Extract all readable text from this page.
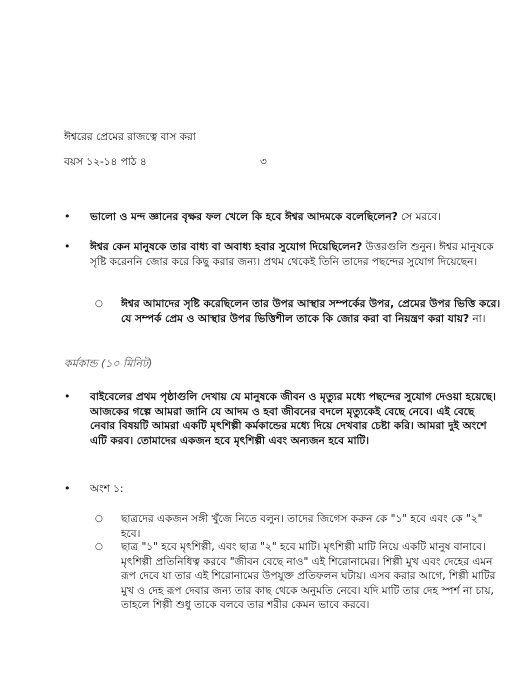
ঈশ্বরের প্রেমের রাজত্বে বাস করা
বয়স ১২-১৪ পাঠ ৪	৩
• ভালো ও মন্দ জ্ঞানের বৃক্ষর ফল খেলে কি হবে ঈশ্বর আদমকে বলেছিলেন? সে মরবে।
• ঈশ্বর কেন মানুষকে তার বাধ্য বা অবাধ্য হবার সুযোগ দিয়েছিলেন? উত্তরগুলি শুনুন। ঈশ্বর মানুষকে সৃষ্টি করেননি জোর করে কিছু করার জন্য। প্রথম থেকেই তিনি তাদের পছন্দের সুযোগ দিয়েছেন।
○ ঈশ্বর আমাদের সৃষ্টি করেছিলেন তার উপর আস্থার সম্পর্কের উপর, প্রেমের উপর ভিত্তি করে। যে সম্পর্ক প্রেম ও আস্থার উপর ভিত্তিশীল তাকে কি জোর করা বা নিয়ন্ত্রণ করা যায়? না।
কর্মকান্ড (১০ মিনিট)
• বাইবেলের প্রথম পৃষ্ঠাগুলি দেখায় যে মানুষকে জীবন ও মৃত্যুর মধ্যে পছন্দের সুযোগ দেওয়া হয়েছে। আজকের গল্পে আমরা জানি যে আদম ও হবা জীবনের বদলে মৃত্যুকেই বেছে নেবে। এই বেছে নেবার বিষয়টি আমরা একটি মৃৎশিল্পী কর্মকান্ডের মধ্যে দিয়ে দেখবার চেষ্টা করি। আমরা দুই অংশে এটি করব। তোমাদের একজন হবে মৃৎশিল্পী এবং অন্যজন হবে মাটি।
• অংশ ১:
○ ছাত্রদের একজন সঙ্গী খুঁজে নিতে বলুন। তাদের জিগেস করুন কে "১" হবে এবং কে "২" হবে।
○ ছাত্র "১" হবে মৃৎশিল্পী, এবং ছাত্র "২" হবে মাটি। মৃৎশিল্পী মাটি নিয়ে একটি মানুষ বানাবে। মৃৎশিল্পী প্রতিনিধিত্ব করবে "জীবন বেছে নাও" এই শিরোনামের। শিল্পী মুখ এবং দেহের এমন রূপ দেবে যা তার এই শিরোনামের উপযুক্ত প্রতিফলন ঘটায়। এসব করার আগে, শিল্পী মাটির মুখ ও দেহ রূপ দেবার জন্য তার কাছ থেকে অনুমতি নেবে। যদি মাটি তার দেহ স্পর্শ না চায়, তাহলে শিল্পী শুধু তাকে বলবে তার শরীর কেমন ভাবে করবে।
